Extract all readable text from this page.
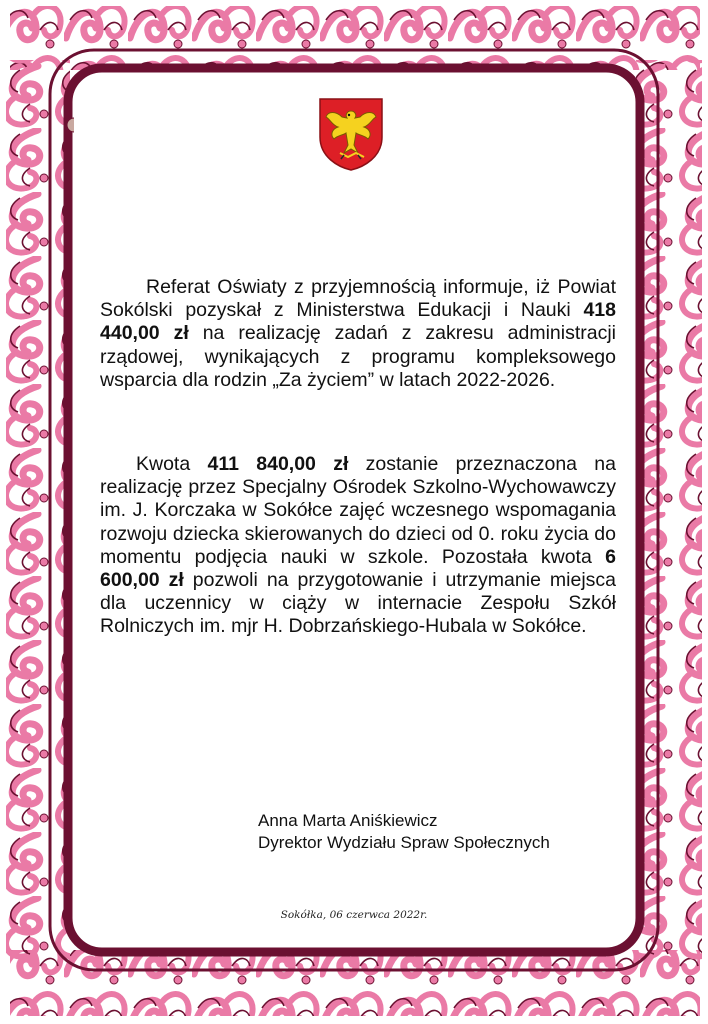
Referat Oświaty z przyjemnością informuje, iż Powiat Sokólski pozyskał z Ministerstwa Edukacji i Nauki 418 440,00 zł na realizację zadań z zakresu administracji rządowej, wynikających z programu kompleksowego wsparcia dla rodzin „Za życiem” w latach 2022-2026.

Kwota 411 840,00 zł zostanie przeznaczona na realizację przez Specjalny Ośrodek Szkolno-Wychowawczy im. J. Korczaka w Sokółce zajęć wczesnego wspomagania rozwoju dziecka skierowanych do dzieci od 0. roku życia do momentu podjęcia nauki w szkole. Pozostała kwota 6 600,00 zł pozwoli na przygotowanie i utrzymanie miejsca dla uczennicy w ciąży w internacie Zespołu Szkół Rolniczych im. mjr H. Dobrzańskiego-Hubala w Sokółce.

Anna Marta Aniśkiewicz
Dyrektor Wydziału Spraw Społecznych
Sokółka, 06 czerwca 2022r.
